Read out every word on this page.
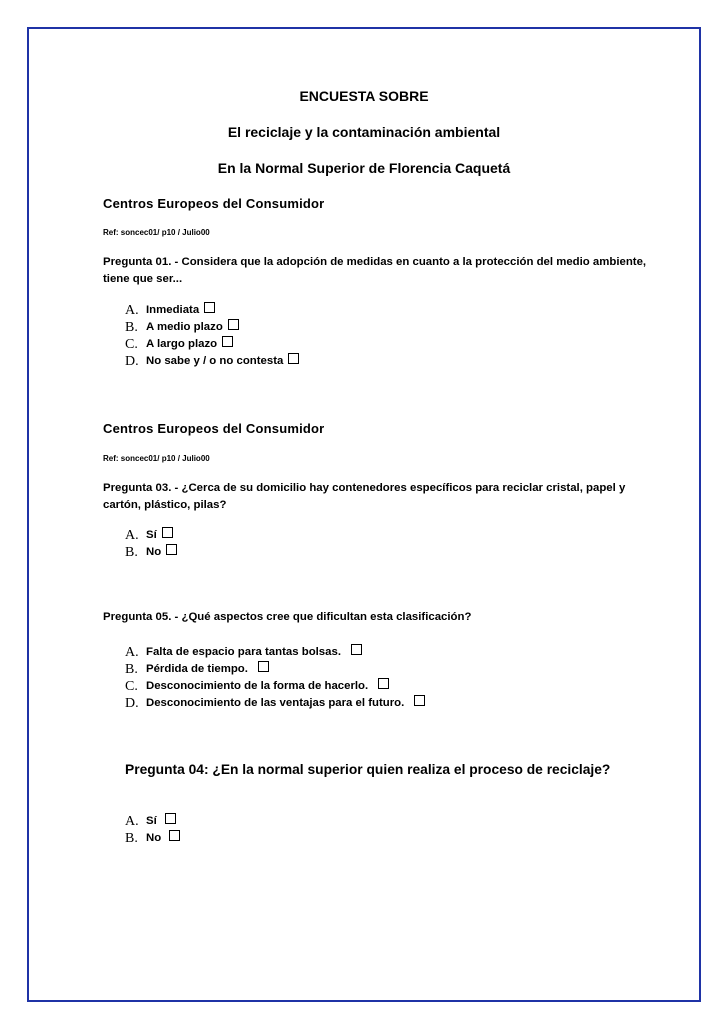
ENCUESTA SOBRE
El reciclaje y la contaminación ambiental
En la Normal Superior de Florencia Caquetá
Centros Europeos del Consumidor
Ref: soncec01/ p10 / Julio00
Pregunta 01. - Considera que la adopción de medidas en cuanto a la protección del medio ambiente, tiene que ser...
A. Inmediata
B. A medio plazo
C. A largo plazo
D. No sabe y / o no contesta
Centros Europeos del Consumidor
Ref: soncec01/ p10 / Julio00
Pregunta 03. - ¿Cerca de su domicilio hay contenedores específicos para reciclar cristal, papel y cartón, plástico, pilas?
A. Sí
B. No
Pregunta 05. - ¿Qué aspectos cree que dificultan esta clasificación?
A. Falta de espacio para tantas bolsas.
B. Pérdida de tiempo.
C. Desconocimiento de la forma de hacerlo.
D. Desconocimiento de las ventajas para el futuro.
Pregunta 04: ¿En la normal superior quien realiza el proceso de reciclaje?
A. Sí
B. No
